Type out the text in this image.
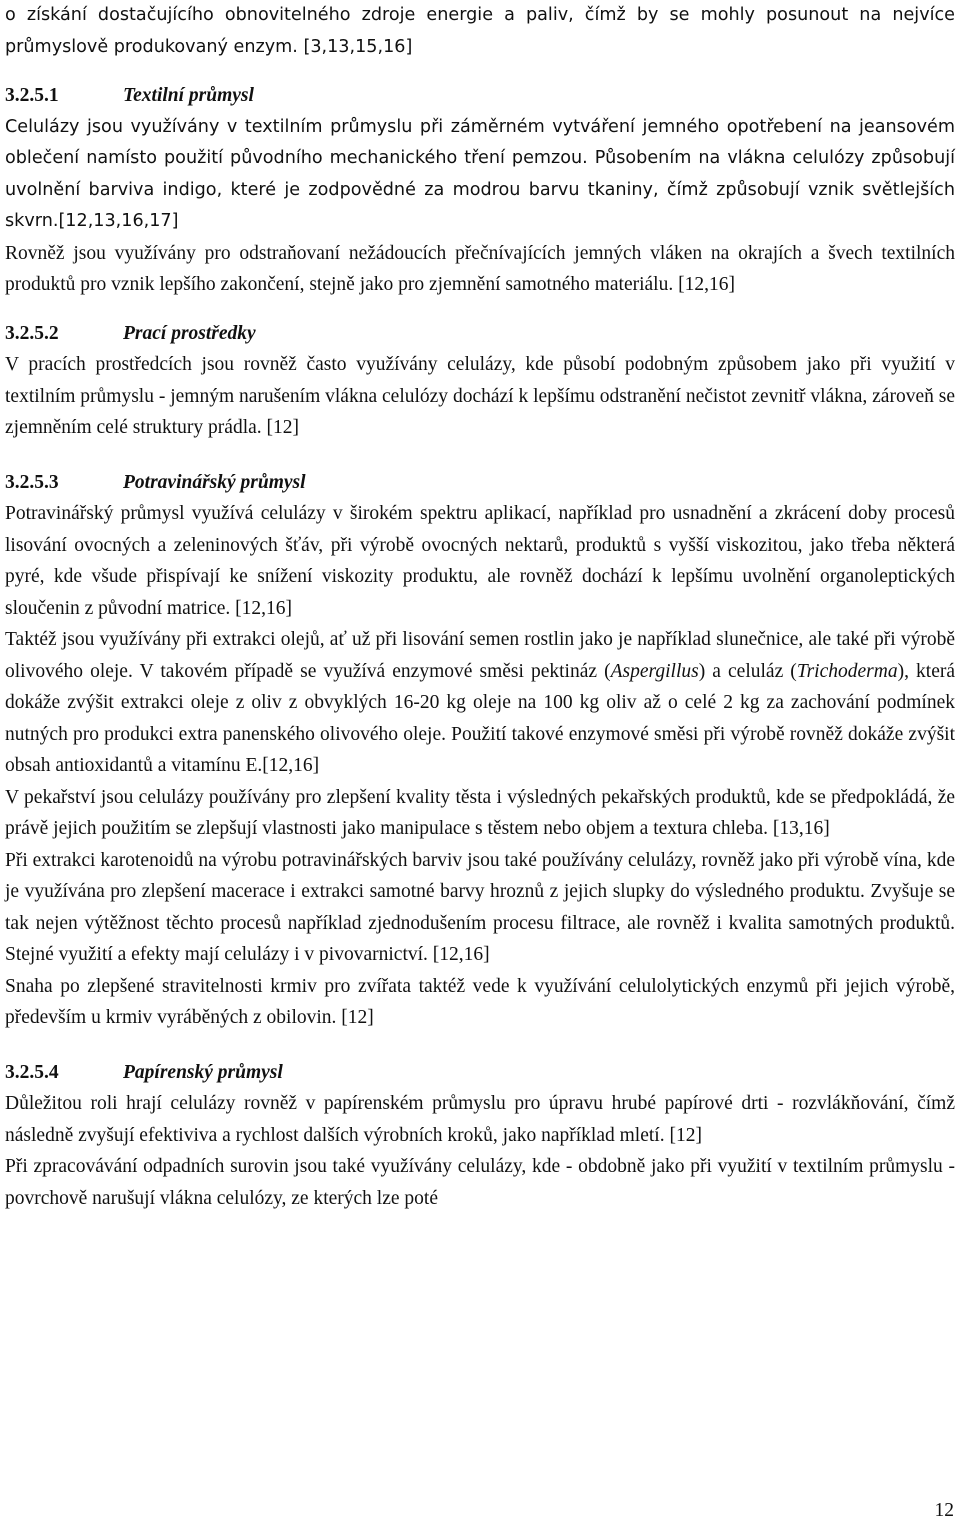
o získání dostačujícího obnovitelného zdroje energie a paliv, čímž by se mohly posunout na nejvíce průmyslově produkovaný enzym. [3,13,15,16]

3.2.5.1	Textilní průmysl

Celulázy jsou využívány v textilním průmyslu při záměrném vytváření jemného opotřebení na jeansovém oblečení namísto použití původního mechanického tření pemzou. Působením na vlákna celulózy způsobují uvolnění barviva indigo, které je zodpovědné za modrou barvu tkaniny, čímž způsobují vznik světlejších skvrn.[12,13,16,17]

Rovněž jsou využívány pro odstraňovaní nežádoucích přečnívajících jemných vláken na okrajích a švech textilních produktů pro vznik lepšího zakončení, stejně jako pro zjemnění samotného materiálu. [12,16]

3.2.5.2	Prací prostředky

V pracích prostředcích jsou rovněž často využívány celulázy, kde působí podobným způsobem jako při využití v textilním průmyslu - jemným narušením vlákna celulózy dochází k lepšímu odstranění nečistot zevnitř vlákna, zároveň se zjemněním celé struktury prádla. [12]

3.2.5.3	Potravinářský průmysl

Potravinářský průmysl využívá celulázy v širokém spektru aplikací, například pro usnadnění a zkrácení doby procesů lisování ovocných a zeleninových šťáv, při výrobě ovocných nektarů, produktů s vyšší viskozitou, jako třeba některá pyré, kde všude přispívají ke snížení viskozity produktu, ale rovněž dochází k lepšímu uvolnění organoleptických sloučenin z původní matrice. [12,16]

Taktéž jsou využívány při extrakci olejů, ať už při lisování semen rostlin jako je například slunečnice, ale také při výrobě olivového oleje. V takovém případě se využívá enzymové směsi pektináz (Aspergillus) a celuláz (Trichoderma), která dokáže zvýšit extrakci oleje z oliv z obvyklých 16-20 kg oleje na 100 kg oliv až o celé 2 kg za zachování podmínek nutných pro produkci extra panenského olivového oleje. Použití takové enzymové směsi při výrobě rovněž dokáže zvýšit obsah antioxidantů a vitamínu E.[12,16]

V pekařství jsou celulázy používány pro zlepšení kvality těsta i výsledných pekařských produktů, kde se předpokládá, že právě jejich použitím se zlepšují vlastnosti jako manipulace s těstem nebo objem a textura chleba. [13,16]

Při extrakci karotenoidů na výrobu potravinářských barviv jsou také používány celulázy, rovněž jako při výrobě vína, kde je využívána pro zlepšení macerace i extrakci samotné barvy hroznů z jejich slupky do výsledného produktu. Zvyšuje se tak nejen výtěžnost těchto procesů například zjednodušením procesu filtrace, ale rovněž i kvalita samotných produktů. Stejné využití a efekty mají celulázy i v pivovarnictví. [12,16]

Snaha po zlepšené stravitelnosti krmiv pro zvířata taktéž vede k využívání celulolytických enzymů při jejich výrobě, především u krmiv vyráběných z obilovin. [12]

3.2.5.4	Papírenský průmysl

Důležitou roli hrají celulázy rovněž v papírenském průmyslu pro úpravu hrubé papírové drti - rozvlákňování, čímž následně zvyšují efektiviva a rychlost dalších výrobních kroků, jako například mletí. [12]

Při zpracovávání odpadních surovin jsou také využívány celulázy, kde - obdobně jako při využití v textilním průmyslu - povrchově narušují vlákna celulózy, ze kterých lze poté

12
